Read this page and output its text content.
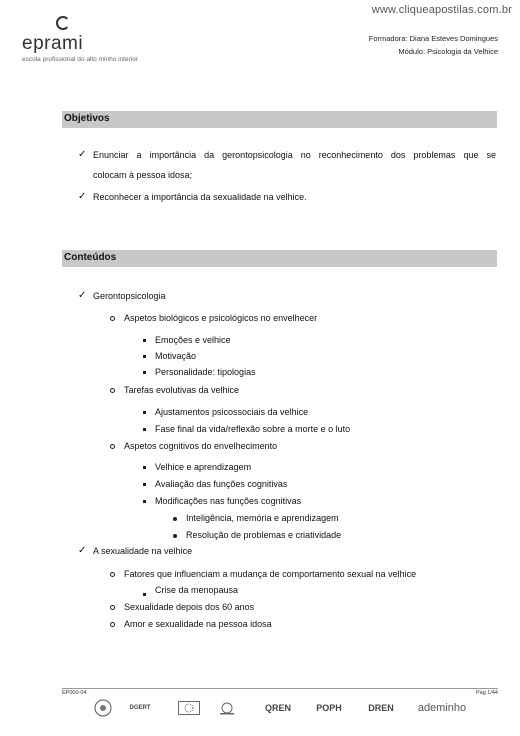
www.cliqueapostilas.com.br
eprami
escola profissional do alto minho interior
Formadora: Diana Esteves Domingues
Módulo: Psicologia da Velhice
Objetivos
✓ Enunciar a importância da gerontopsicologia no reconhecimento dos problemas que se
colocam à pessoa idosa;
✓ Reconhecer a importância da sexualidade na velhice.
Conteúdos
✓ Gerontopsicologia
Aspetos biológicos e psicológicos no envelhecer
Emoções e velhice
Motivação
Personalidade: tipologias
Tarefas evolutivas da velhice
Ajustamentos psicossociais da velhice
Fase final da vida/reflexão sobre a morte e o luto
Aspetos cognitivos do envelhecimento
Velhice e aprendizagem
Avaliação das funções cognitivas
Modificações nas funções cognitivas
Inteligência, memória e aprendizagem
Resolução de problemas e criatividade
✓ A sexualidade na velhice
Fatores que influenciam a mudança de comportamento sexual na velhice
Crise da menopausa
Sexualidade depois dos 60 anos
Amor e sexualidade na pessoa idosa
EP000-04	Pag 1/44
DGERT	QREN	POPH	DREN	ademinho
